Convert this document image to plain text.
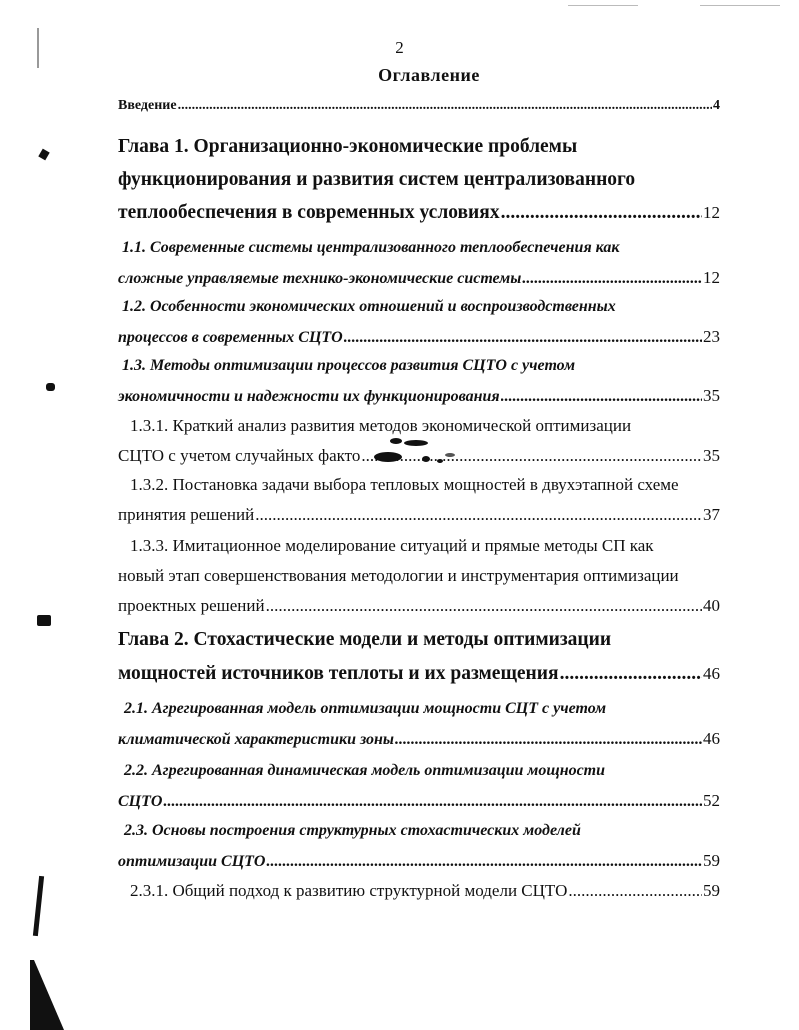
2
Оглавление
Введение .....	4
Глава 1. Организационно-экономические проблемы
функционирования и развития систем централизованного
теплообеспечения в современных условиях .....	12
1.1. Современные системы централизованного теплообеспечения как
сложные управляемые технико-экономические системы .....	12
1.2. Особенности экономических отношений и воспроизводственных
процессов в современных СЦТО .....	23
1.3. Методы оптимизации процессов развития СЦТО с учетом
экономичности и надежности их функционирования .....	35
1.3.1. Краткий анализ развития методов экономической оптимизации
СЦТО с учетом случайных факто .....	35
1.3.2. Постановка задачи выбора тепловых мощностей в двухэтапной схеме
принятия решений .....	37
1.3.3. Имитационное моделирование ситуаций и прямые методы СП как
новый этап совершенствования методологии и инструментария оптимизации
проектных решений .....	40
Глава 2. Стохастические модели и методы оптимизации
мощностей источников теплоты и их размещения .....	46
2.1. Агрегированная модель оптимизации мощности СЦТ с учетом
климатической характеристики зоны .....	46
2.2. Агрегированная динамическая модель оптимизации мощности
СЦТО .....	52
2.3. Основы построения структурных стохастических моделей
оптимизации СЦТО .....	59
2.3.1. Общий подход к развитию структурной модели СЦТО .....	59
